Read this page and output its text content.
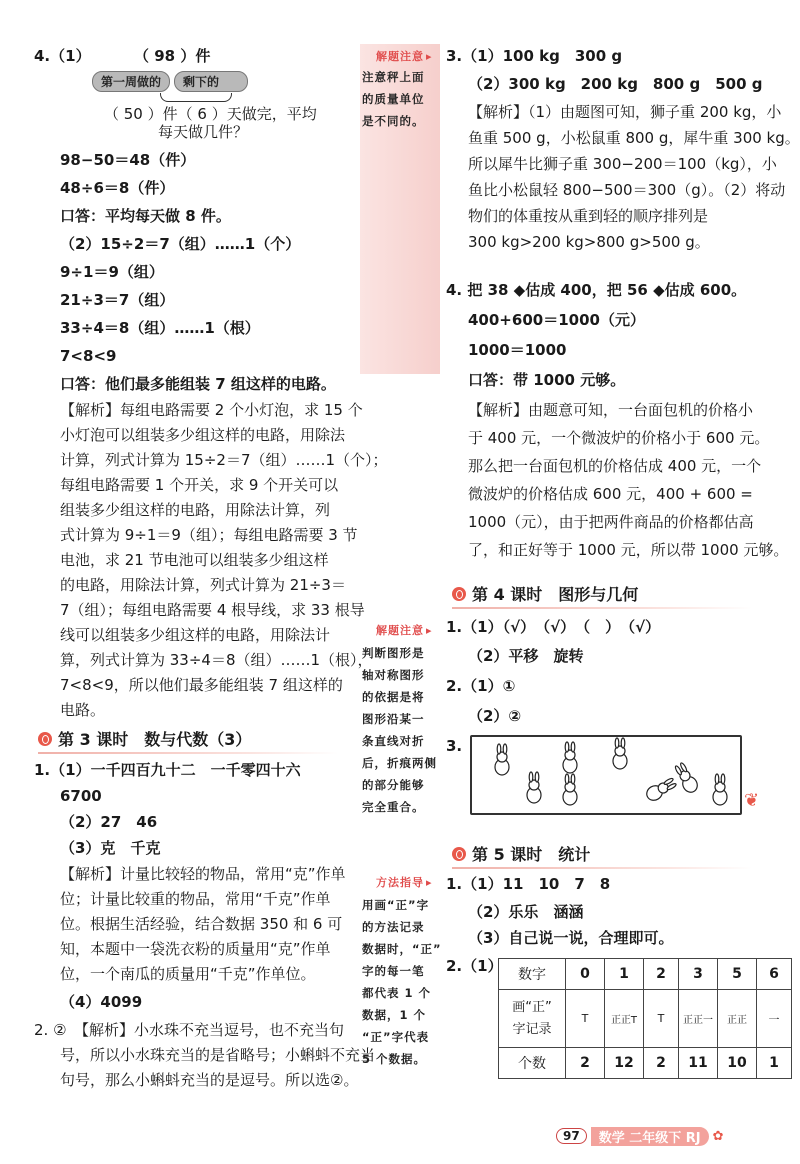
4.（1）	（ 98 ）件
第一周做的	剩下的
（ 50 ）件（ 6 ）天做完，平均
每天做几件？
98−50＝48（件）
48÷6＝8（件）
口答：平均每天做 8 件。
（2）15÷2＝7（组）……1（个）
9÷1＝9（组）
21÷3＝7（组）
33÷4＝8（组）……1（根）
7<8<9
口答：他们最多能组装 7 组这样的电路。
【解析】每组电路需要 2 个小灯泡，求 15 个
小灯泡可以组装多少组这样的电路，用除法
计算，列式计算为 15÷2＝7（组）……1（个）；
每组电路需要 1 个开关，求 9 个开关可以
组装多少组这样的电路，用除法计算，列
式计算为 9÷1＝9（组）；每组电路需要 3 节
电池，求 21 节电池可以组装多少组这样
的电路，用除法计算，列式计算为 21÷3＝
7（组）；每组电路需要 4 根导线，求 33 根导
线可以组装多少组这样的电路，用除法计
算，列式计算为 33÷4＝8（组）……1（根），
7<8<9，所以他们最多能组装 7 组这样的
电路。
第 3 课时　数与代数（3）
1.（1）一千四百九十二　一千零四十六
6700
（2）27　46
（3）克　千克
【解析】计量比较轻的物品，常用“克”作单
位；计量比较重的物品，常用“千克”作单
位。根据生活经验，结合数据 350 和 6 可
知，本题中一袋洗衣粉的质量用“克”作单
位，一个南瓜的质量用“千克”作单位。
（4）4099
2. ②　【解析】小水珠不充当逗号，也不充当句
号，所以小水珠充当的是省略号；小蝌蚪不充当
句号，那么小蝌蚪充当的是逗号。所以选②。
解题注意 ▸
注意秤上面
的质量单位
是不同的。
解题注意 ▸
判断图形是
轴对称图形
的依据是将
图形沿某一
条直线对折
后，折痕两侧
的部分能够
完全重合。
方法指导 ▸
用画“正”字
的方法记录
数据时，“正”
字的每一笔
都代表 1 个
数据，1 个
“正”字代表
5 个数据。
3.（1）100 kg　300 g
（2）300 kg　200 kg　800 g　500 g
【解析】（1）由题图可知，狮子重 200 kg，小
鱼重 500 g，小松鼠重 800 g，犀牛重 300 kg。
所以犀牛比狮子重 300−200＝100（kg），小
鱼比小松鼠轻 800−500＝300（g）。（2）将动
物们的体重按从重到轻的顺序排列是
300 kg>200 kg>800 g>500 g。
4. 把 38 ◆估成 400，把 56 ◆估成 600。
400+600＝1000（元）
1000＝1000
口答：带 1000 元够。
【解析】由题意可知，一台面包机的价格小
于 400 元，一个微波炉的价格小于 600 元。
那么把一台面包机的价格估成 400 元，一个
微波炉的价格估成 600 元，400 + 600 =
1000（元），由于把两件商品的价格都估高
了，和正好等于 1000 元，所以带 1000 元够。
第 4 课时　图形与几何
1.（1）（√）　（√）　（　）　（√）
（2）平移　旋转
2.（1）①
（2）②
3.
❦
第 5 课时　统计
1.（1）11　10　7　8
（2）乐乐　涵涵
（3）自己说一说，合理即可。
2.（1） 数字	0	1	2	3	5	6

画“正”
字记录	T	正正T	T	正正一	正正	一
个数	2	12	2	11	10	1
97	数学 二年级下 RJ ✿
